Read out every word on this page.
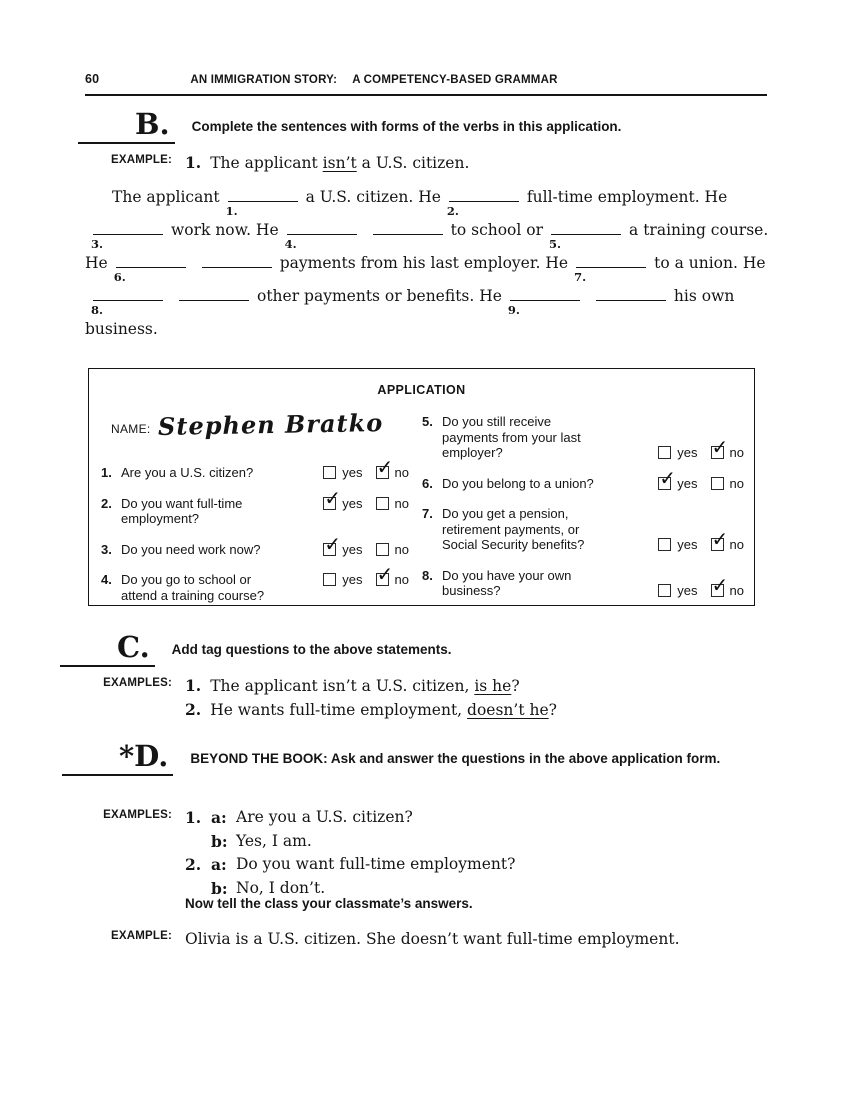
60	AN IMMIGRATION STORY: A COMPETENCY-BASED GRAMMAR
B.	Complete the sentences with forms of the verbs in this application.
EXAMPLE: 1. The applicant isn’t a U.S. citizen.
The applicant
1.
a U.S. citizen. He
2.
full-time employment. He
3.
work now. He
4.
to school or
5.
a training course.
He
6.
payments from his last employer. He
7.
to a union. He
8.
other payments or benefits. He
9.
his own
business.
APPLICATION
NAME: Stephen Bratko
1. Are you a U.S. citizen?	yes ✓ no
2. Do you want full-time
employment?
✓ yes no
3. Do you need work now?	✓ yes no
4. Do you go to school or
attend a training course?
yes ✓ no
5. Do you still receive
payments from your last
employer?	yes ✓ no
6. Do you belong to a union?	✓ yes no
7. Do you get a pension,
retirement payments, or
Social Security benefits?	yes ✓ no
8. Do you have your own
business?	yes ✓ no
C.	Add tag questions to the above statements.
EXAMPLES: 1. The applicant isn’t a U.S. citizen, is he?
2. He wants full-time employment, doesn’t he?
*D.	BEYOND THE BOOK: Ask and answer the questions in the above application form.
EXAMPLES: 1. a: Are you a U.S. citizen?
b: Yes, I am.
2. a: Do you want full-time employment?
b: No, I don’t.
Now tell the class your classmate’s answers.
EXAMPLE: Olivia is a U.S. citizen. She doesn’t want full-time employment.
